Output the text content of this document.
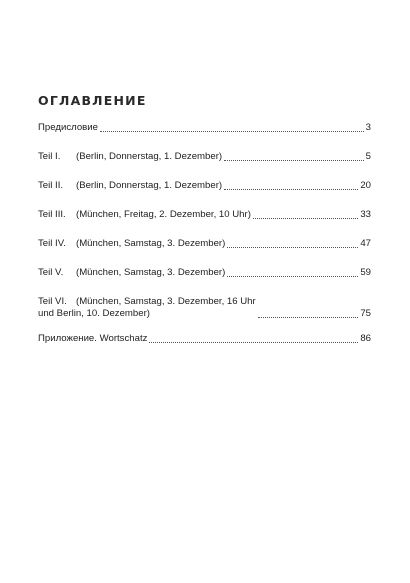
ОГЛАВЛЕНИЕ
Предисловие	3
Teil I.	(Berlin, Donnerstag, 1. Dezember)	5
Teil II.	(Berlin, Donnerstag, 1. Dezember)	20
Teil III.	(München, Freitag, 2. Dezember, 10 Uhr)	33
Teil IV.	(München, Samstag, 3. Dezember)	47
Teil V.	(München, Samstag, 3. Dezember)	59
Teil VI. (München, Samstag, 3. Dezember, 16 Uhr
und Berlin, 10. Dezember)	75
Приложение. Wortschatz	86
